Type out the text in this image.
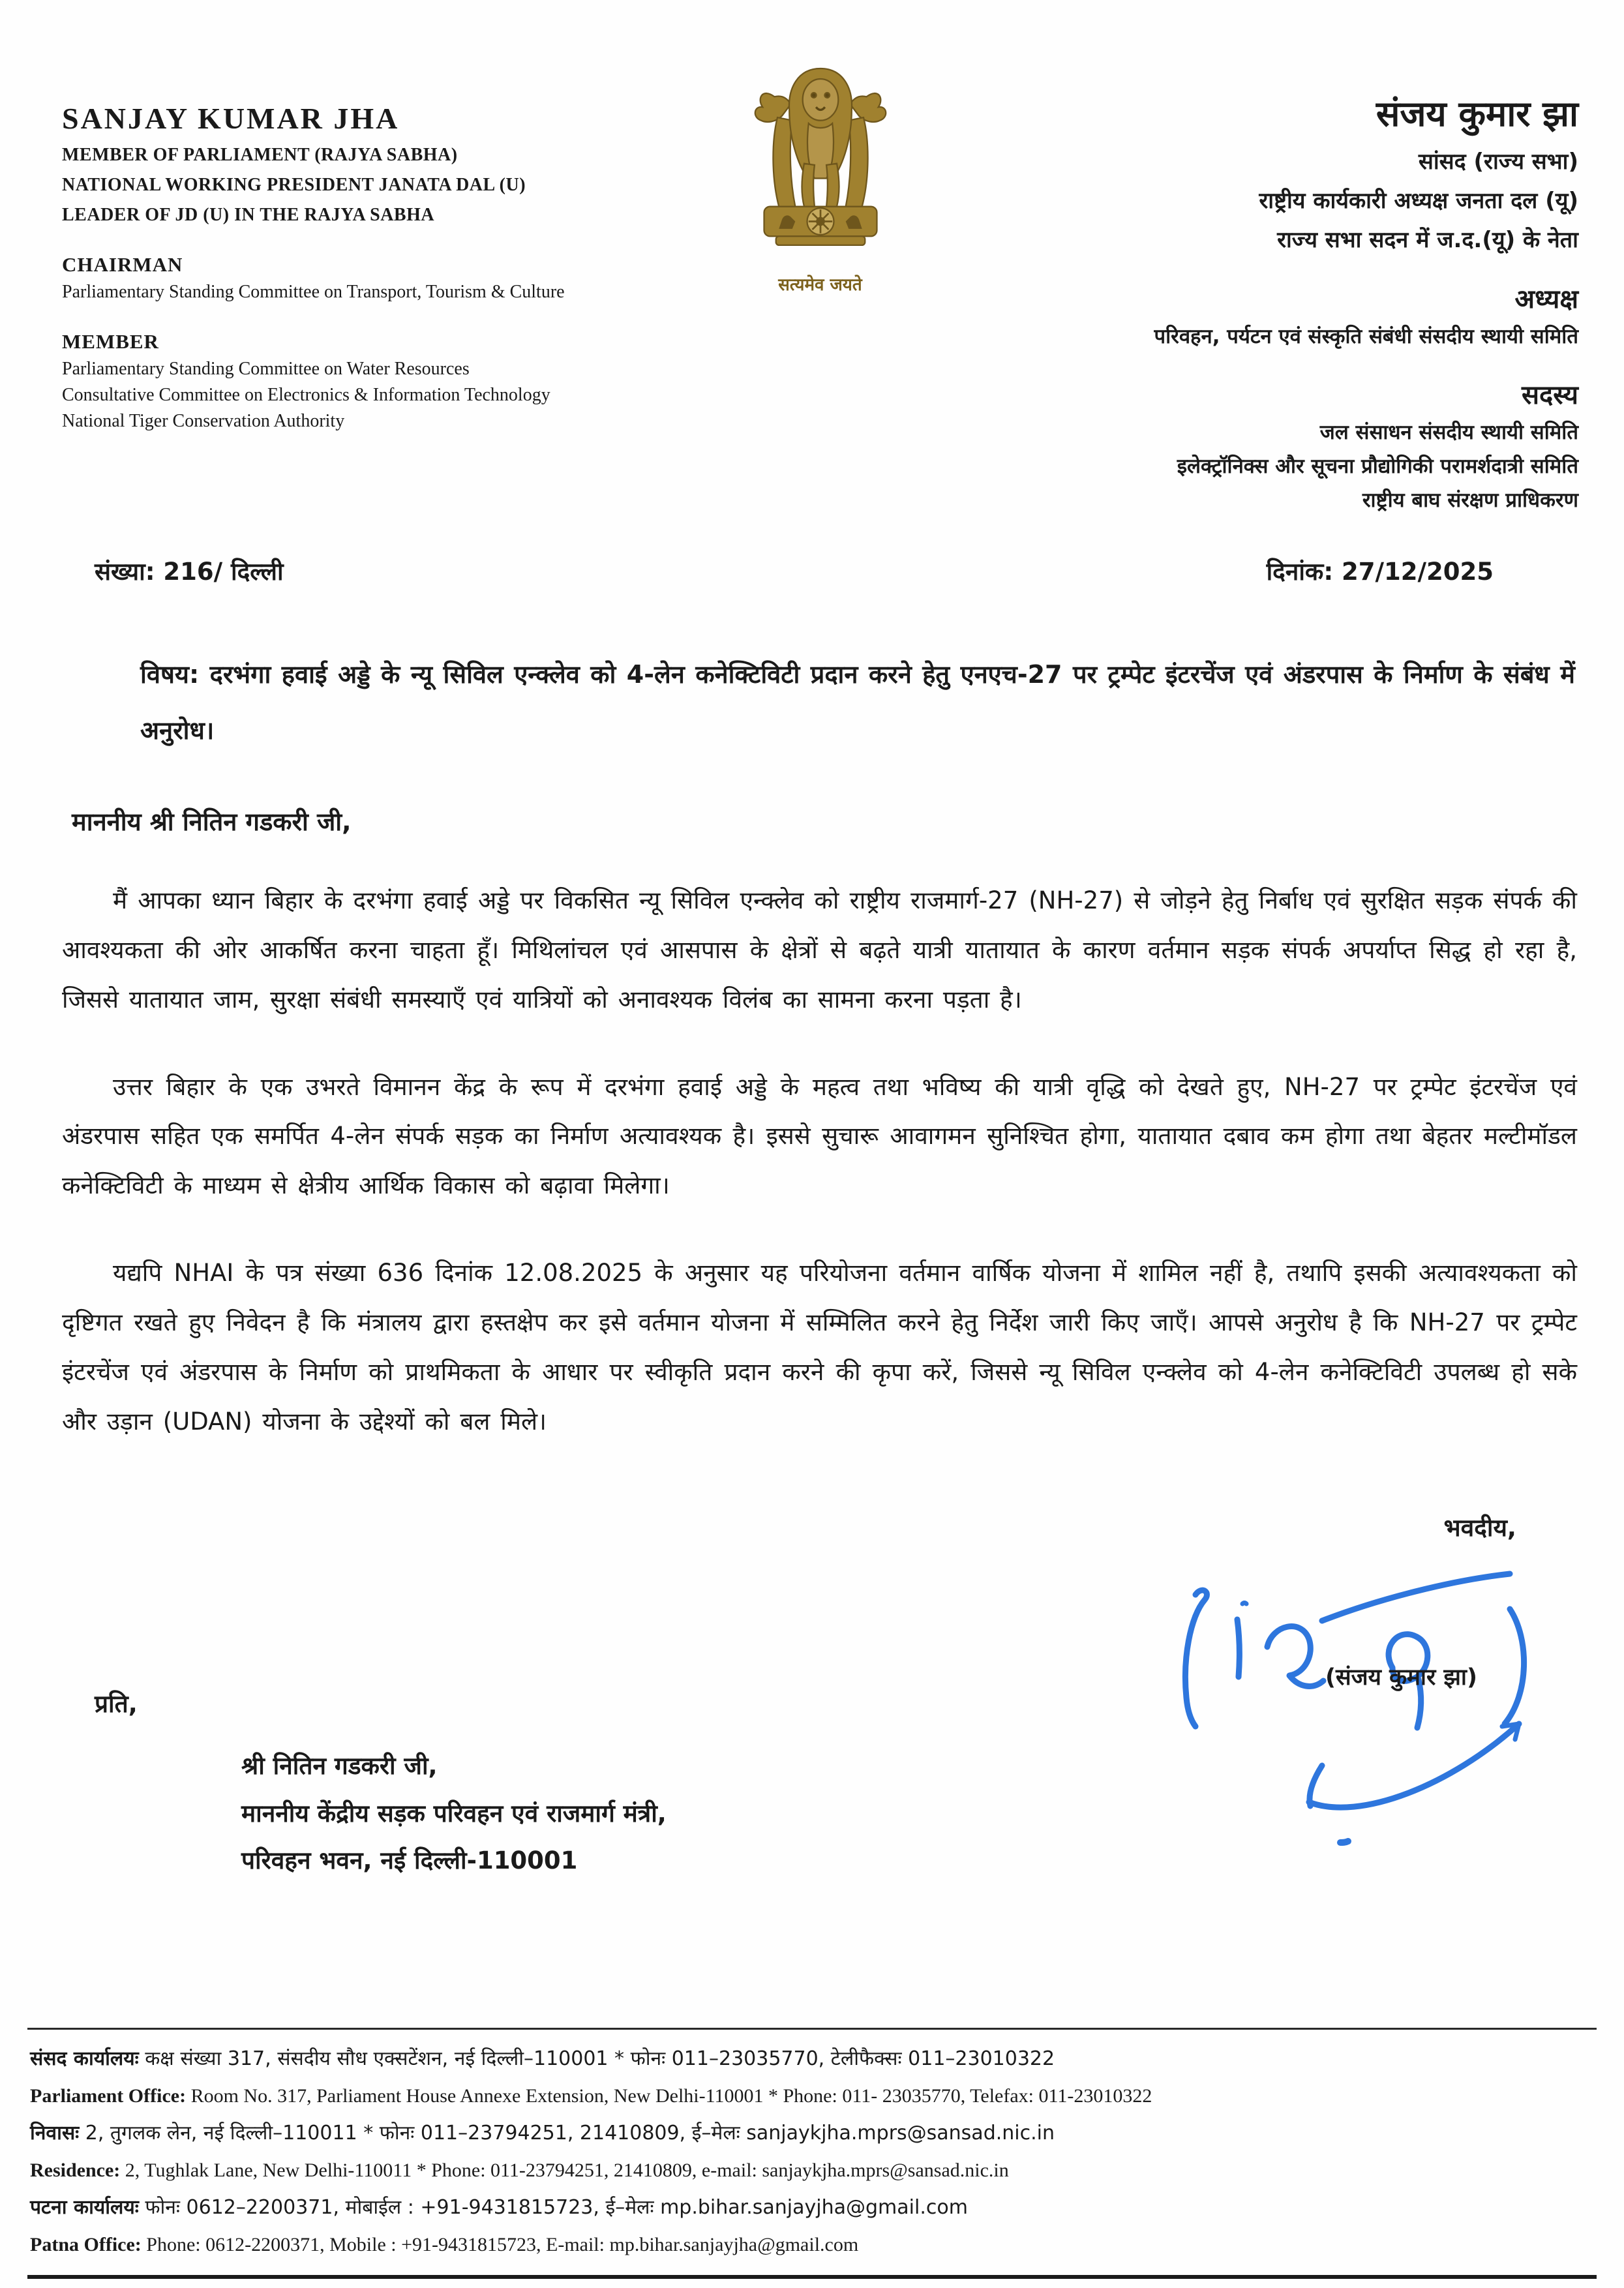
SANJAY KUMAR JHA
MEMBER OF PARLIAMENT (RAJYA SABHA)
NATIONAL WORKING PRESIDENT JANATA DAL (U)
LEADER OF JD (U) IN THE RAJYA SABHA
CHAIRMAN
Parliamentary Standing Committee on Transport, Tourism & Culture
MEMBER
Parliamentary Standing Committee on Water Resources
Consultative Committee on Electronics & Information Technology
National Tiger Conservation Authority
सत्यमेव जयते
संजय कुमार झा
सांसद (राज्य सभा)
राष्ट्रीय कार्यकारी अध्यक्ष जनता दल (यू)
राज्य सभा सदन में ज.द.(यू) के नेता
अध्यक्ष
परिवहन, पर्यटन एवं संस्कृति संबंधी संसदीय स्थायी समिति
सदस्य
जल संसाधन संसदीय स्थायी समिति
इलेक्ट्रॉनिक्स और सूचना प्रौद्योगिकी परामर्शदात्री समिति
राष्ट्रीय बाघ संरक्षण प्राधिकरण
संख्या: 216/ दिल्ली	दिनांक: 27/12/2025
विषय: दरभंगा हवाई अड्डे के न्यू सिविल एन्क्लेव को 4-लेन कनेक्टिविटी प्रदान करने हेतु एनएच-27 पर ट्रम्पेट इंटरचेंज एवं अंडरपास के निर्माण के संबंध में अनुरोध।
माननीय श्री नितिन गडकरी जी,
मैं आपका ध्यान बिहार के दरभंगा हवाई अड्डे पर विकसित न्यू सिविल एन्क्लेव को राष्ट्रीय राजमार्ग-27 (NH-27) से जोड़ने हेतु निर्बाध एवं सुरक्षित सड़क संपर्क की आवश्यकता की ओर आकर्षित करना चाहता हूँ। मिथिलांचल एवं आसपास के क्षेत्रों से बढ़ते यात्री यातायात के कारण वर्तमान सड़क संपर्क अपर्याप्त सिद्ध हो रहा है, जिससे यातायात जाम, सुरक्षा संबंधी समस्याएँ एवं यात्रियों को अनावश्यक विलंब का सामना करना पड़ता है।
उत्तर बिहार के एक उभरते विमानन केंद्र के रूप में दरभंगा हवाई अड्डे के महत्व तथा भविष्य की यात्री वृद्धि को देखते हुए, NH-27 पर ट्रम्पेट इंटरचेंज एवं अंडरपास सहित एक समर्पित 4-लेन संपर्क सड़क का निर्माण अत्यावश्यक है। इससे सुचारू आवागमन सुनिश्चित होगा, यातायात दबाव कम होगा तथा बेहतर मल्टीमॉडल कनेक्टिविटी के माध्यम से क्षेत्रीय आर्थिक विकास को बढ़ावा मिलेगा।
यद्यपि NHAI के पत्र संख्या 636 दिनांक 12.08.2025 के अनुसार यह परियोजना वर्तमान वार्षिक योजना में शामिल नहीं है, तथापि इसकी अत्यावश्यकता को दृष्टिगत रखते हुए निवेदन है कि मंत्रालय द्वारा हस्तक्षेप कर इसे वर्तमान योजना में सम्मिलित करने हेतु निर्देश जारी किए जाएँ। आपसे अनुरोध है कि NH-27 पर ट्रम्पेट इंटरचेंज एवं अंडरपास के निर्माण को प्राथमिकता के आधार पर स्वीकृति प्रदान करने की कृपा करें, जिससे न्यू सिविल एन्क्लेव को 4-लेन कनेक्टिविटी उपलब्ध हो सके और उड़ान (UDAN) योजना के उद्देश्यों को बल मिले।
भवदीय,
(संजय कुमार झा)
प्रति,
श्री नितिन गडकरी जी,
माननीय केंद्रीय सड़क परिवहन एवं राजमार्ग मंत्री,
परिवहन भवन, नई दिल्ली-110001
संसद कार्यालयः कक्ष संख्या 317, संसदीय सौध एक्सटेंशन, नई दिल्ली–110001 * फोनः 011–23035770, टेलीफैक्सः 011–23010322
Parliament Office: Room No. 317, Parliament House Annexe Extension, New Delhi-110001 * Phone: 011- 23035770, Telefax: 011-23010322
निवासः 2, तुगलक लेन, नई दिल्ली–110011 * फोनः 011–23794251, 21410809, ई–मेलः sanjaykjha.mprs@sansad.nic.in
Residence: 2, Tughlak Lane, New Delhi-110011 * Phone: 011-23794251, 21410809, e-mail: sanjaykjha.mprs@sansad.nic.in
पटना कार्यालयः फोनः 0612–2200371, मोबाईल : +91-9431815723, ई–मेलः mp.bihar.sanjayjha@gmail.com
Patna Office: Phone: 0612-2200371, Mobile : +91-9431815723, E-mail: mp.bihar.sanjayjha@gmail.com
